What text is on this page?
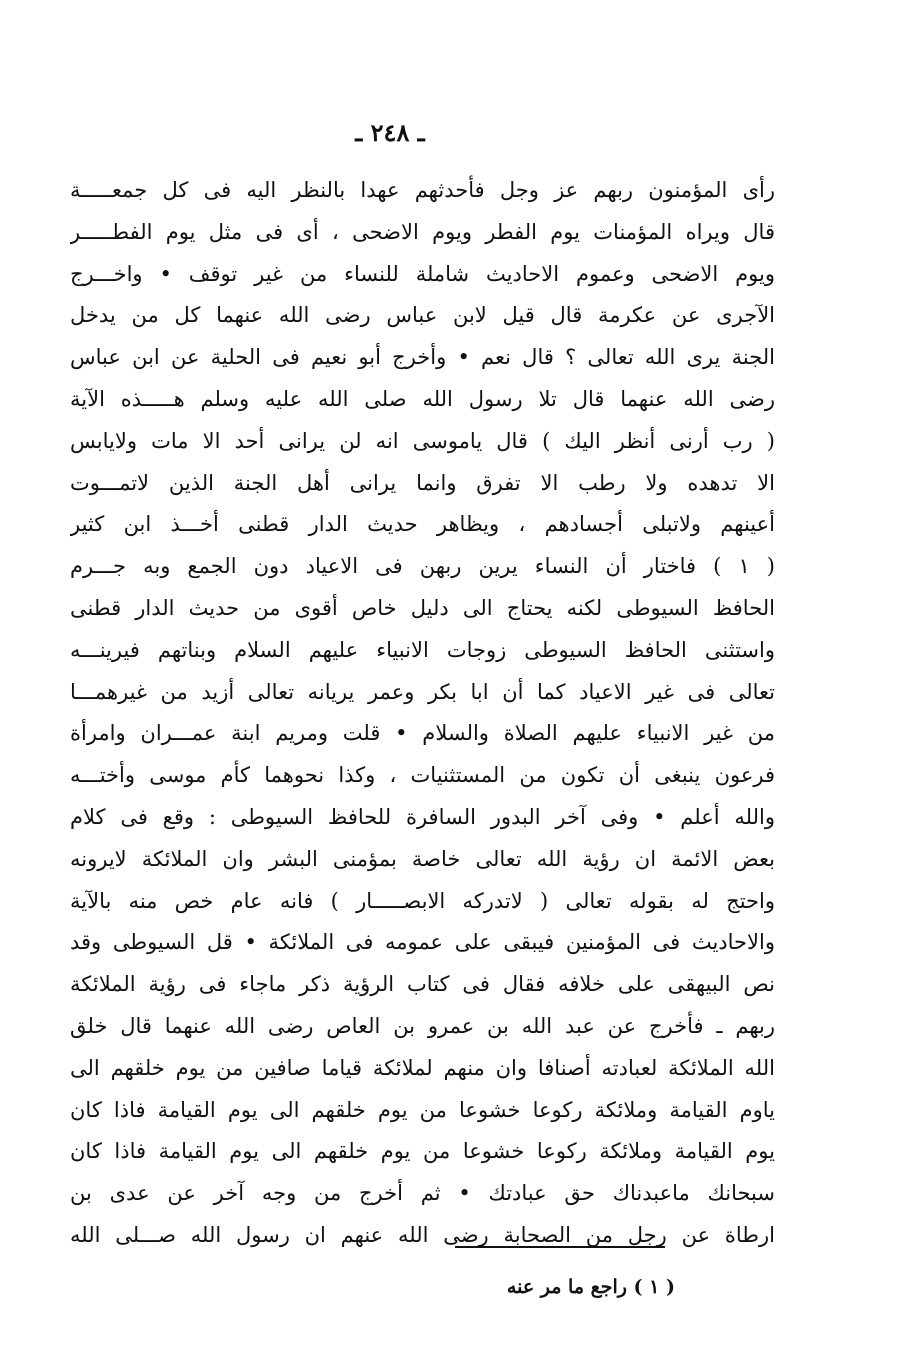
ـ ٢٤٨ ـ
رأى المؤمنون ربهم عز وجل فأحدثهم عهدا بالنظر اليه فى كل جمعـــــة
قال ويراه المؤمنات يوم الفطر ويوم الاضحى ، أى فى مثل يوم الفطـــــر
ويوم الاضحى وعموم الاحاديث شاملة للنساء من غير توقف • واخـــرج
الآجرى عن عكرمة قال قيل لابن عباس رضى الله عنهما كل من يدخل
الجنة يرى الله تعالى ؟ قال نعم • وأخرج أبو نعيم فى الحلية عن ابن عباس
رضى الله عنهما قال تلا رسول الله صلى الله عليه وسلم هـــــذه الآية
( رب أرنى أنظر اليك ) قال ياموسى انه لن يرانى أحد الا مات ولايابس
الا تدهده ولا رطب الا تفرق وانما يرانى أهل الجنة الذين لاتمـــوت
أعينهم ولاتبلى أجسادهم ، ويظاهر حديث الدار قطنى أخـــذ ابن كثير
( ١ ) فاختار أن النساء يرين ربهن فى الاعياد دون الجمع وبه جـــرم
الحافظ السيوطى لكنه يحتاج الى دليل خاص أقوى من حديث الدار قطنى
واستثنى الحافظ السيوطى زوجات الانبياء عليهم السلام وبناتهم فيرينـــه
تعالى فى غير الاعياد كما أن ابا بكر وعمر يريانه تعالى أزيد من غيرهمـــا
من غير الانبياء عليهم الصلاة والسلام • قلت ومريم ابنة عمـــران وامرأة
فرعون ينبغى أن تكون من المستثنيات ، وكذا نحوهما كأم موسى وأختـــه
والله أعلم • وفى آخر البدور السافرة للحافظ السيوطى : وقع فى كلام
بعض الائمة ان رؤية الله تعالى خاصة بمؤمنى البشر وان الملائكة لايرونه
واحتج له بقوله تعالى ( لاتدركه الابصـــــار ) فانه عام خص منه بالآية
والاحاديث فى المؤمنين فيبقى على عمومه فى الملائكة • قل السيوطى وقد
نص البيهقى على خلافه فقال فى كتاب الرؤية ذكر ماجاء فى رؤية الملائكة
ربهم ـ فأخرج عن عبد الله بن عمرو بن العاص رضى الله عنهما قال خلق
الله الملائكة لعبادته أصنافا وان منهم لملائكة قياما صافين من يوم خلقهم الى
ياوم القيامة وملائكة ركوعا خشوعا من يوم خلقهم الى يوم القيامة فاذا كان
يوم القيامة وملائكة ركوعا خشوعا من يوم خلقهم الى يوم القيامة فاذا كان
سبحانك ماعبدناك حق عبادتك • ثم أخرج من وجه آخر عن عدى بن
ارطاة عن رجل من الصحابة رضى الله عنهم ان رسول الله صـــلى الله
( ١ ) راجع ما مر عنه
